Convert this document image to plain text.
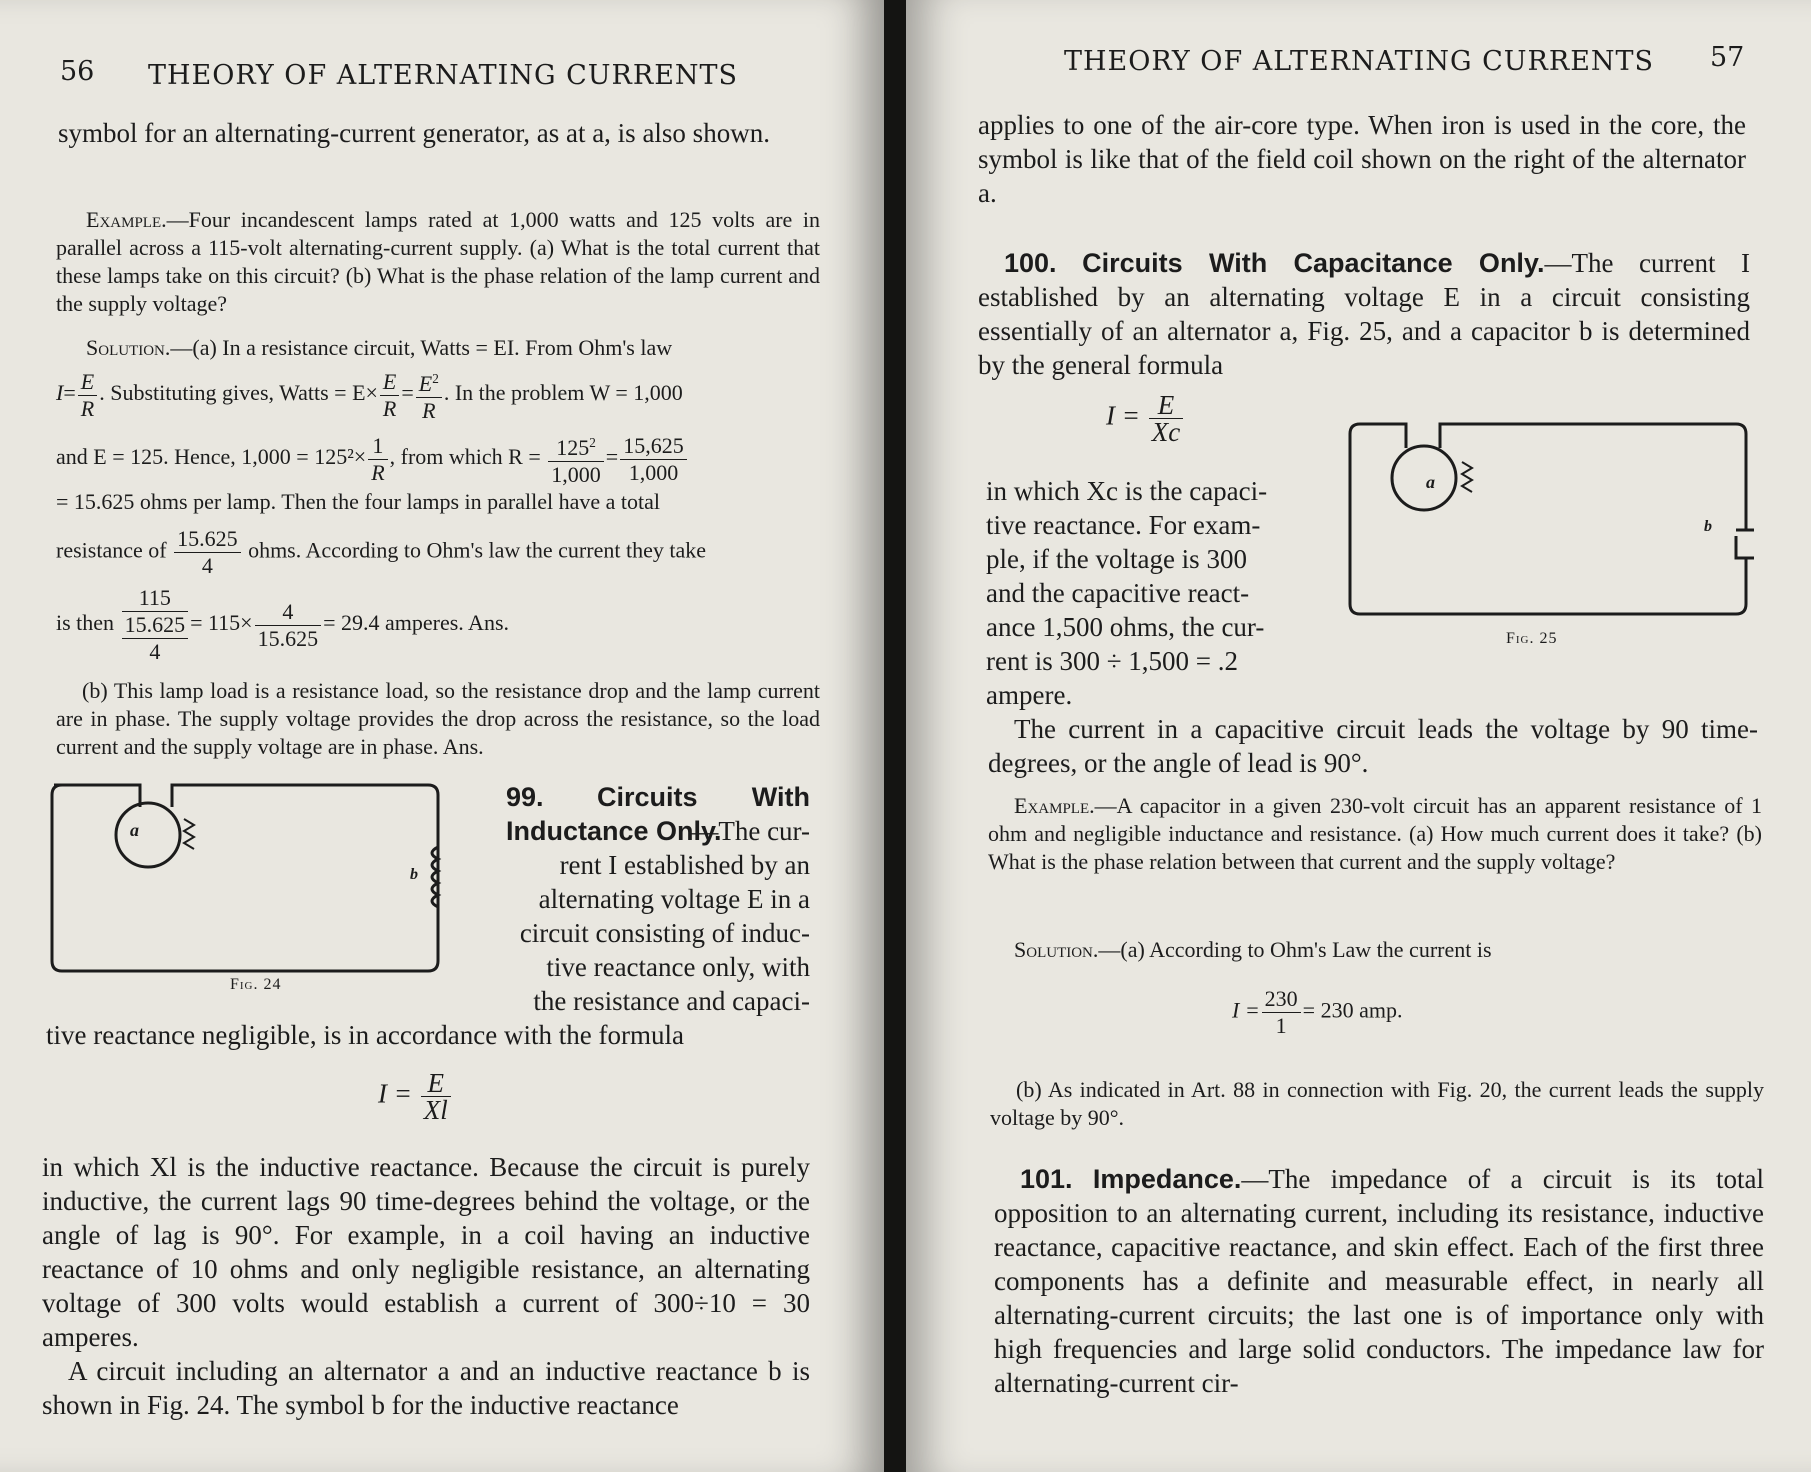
56 THEORY OF ALTERNATING CURRENTS
symbol for an alternating-current generator, as at a, is also shown.
Example.—Four incandescent lamps rated at 1,000 watts and 125 volts are in parallel across a 115-volt alternating-current supply. (a) What is the total current that these lamps take on this circuit? (b) What is the phase relation of the lamp current and the supply voltage?

Solution.—(a) In a resistance circuit, Watts = EI. From Ohm's law

$I= \frac{E}{R}$ . Substituting gives, Watts = $E\times \frac{E}{R} = \frac{E^2}{R}$ . In the problem W = 1,000

and E = 125. Hence, $1,000 = 125^2\times \frac{1}{R}$ , from which $R = \frac{125^2}{1,000} = \frac{15,625}{1,000}$

= 15.625 ohms per lamp. Then the four lamps in parallel have a total

resistance of $\frac{15.625}{4}$ ohms. According to Ohm's law the current they take

is then
115
15.625
4
= $115\times \frac{4}{15.625} = 29.4$ amperes. Ans.

(b) This lamp load is a resistance load, so the resistance drop and the lamp current are in phase. The supply voltage provides the drop across the resistance, so the load current and the supply voltage are in phase. Ans.

a
b
Fig. 24

99. Circuits With Inductance Only.

—The cur-
rent I established by an
alternating voltage E in a
circuit consisting of induc-
tive reactance only, with
the resistance and capaci-
tive reactance negligible, is in accordance with the formula
$I = \frac{E}{Xl}$
in which Xl is the inductive reactance. Because the circuit is purely inductive, the current lags 90 time-degrees behind the voltage, or the angle of lag is 90°. For example, in a coil having an inductive reactance of 10 ohms and only negligible resistance, an alternating voltage of 300 volts would establish a current of 300÷10 = 30 amperes.
A circuit including an alternator a and an inductive reactance b is shown in Fig. 24. The symbol b for the inductive reactance
THEORY OF ALTERNATING CURRENTS 57
applies to one of the air-core type. When iron is used in the core, the symbol is like that of the field coil shown on the right of the alternator a.
100. Circuits With Capacitance Only.—The current I established by an alternating voltage E in a circuit consisting essentially of an alternator a, Fig. 25, and a capacitor b is determined by the general formula
$I = \frac{E}{Xc}$
in which Xc is the capaci-
tive reactance. For exam-
ple, if the voltage is 300
and the capacitive react-
ance 1,500 ohms, the cur-
rent is 300 ÷ 1,500 = .2
ampere.
a
b
Fig. 25
The current in a capacitive circuit leads the voltage by 90 time-degrees, or the angle of lead is 90°.
Example.—A capacitor in a given 230-volt circuit has an apparent resistance of 1 ohm and negligible inductance and resistance. (a) How much current does it take? (b) What is the phase relation between that current and the supply voltage?
Solution.—(a) According to Ohm's Law the current is
$I = \frac{230}{1} = 230$ amp.
(b) As indicated in Art. 88 in connection with Fig. 20, the current leads the supply voltage by 90°.
101. Impedance.—The impedance of a circuit is its total opposition to an alternating current, including its resistance, inductive reactance, capacitive reactance, and skin effect. Each of the first three components has a definite and measurable effect, in nearly all alternating-current circuits; the last one is of importance only with high frequencies and large solid conductors. The impedance law for alternating-current cir-
